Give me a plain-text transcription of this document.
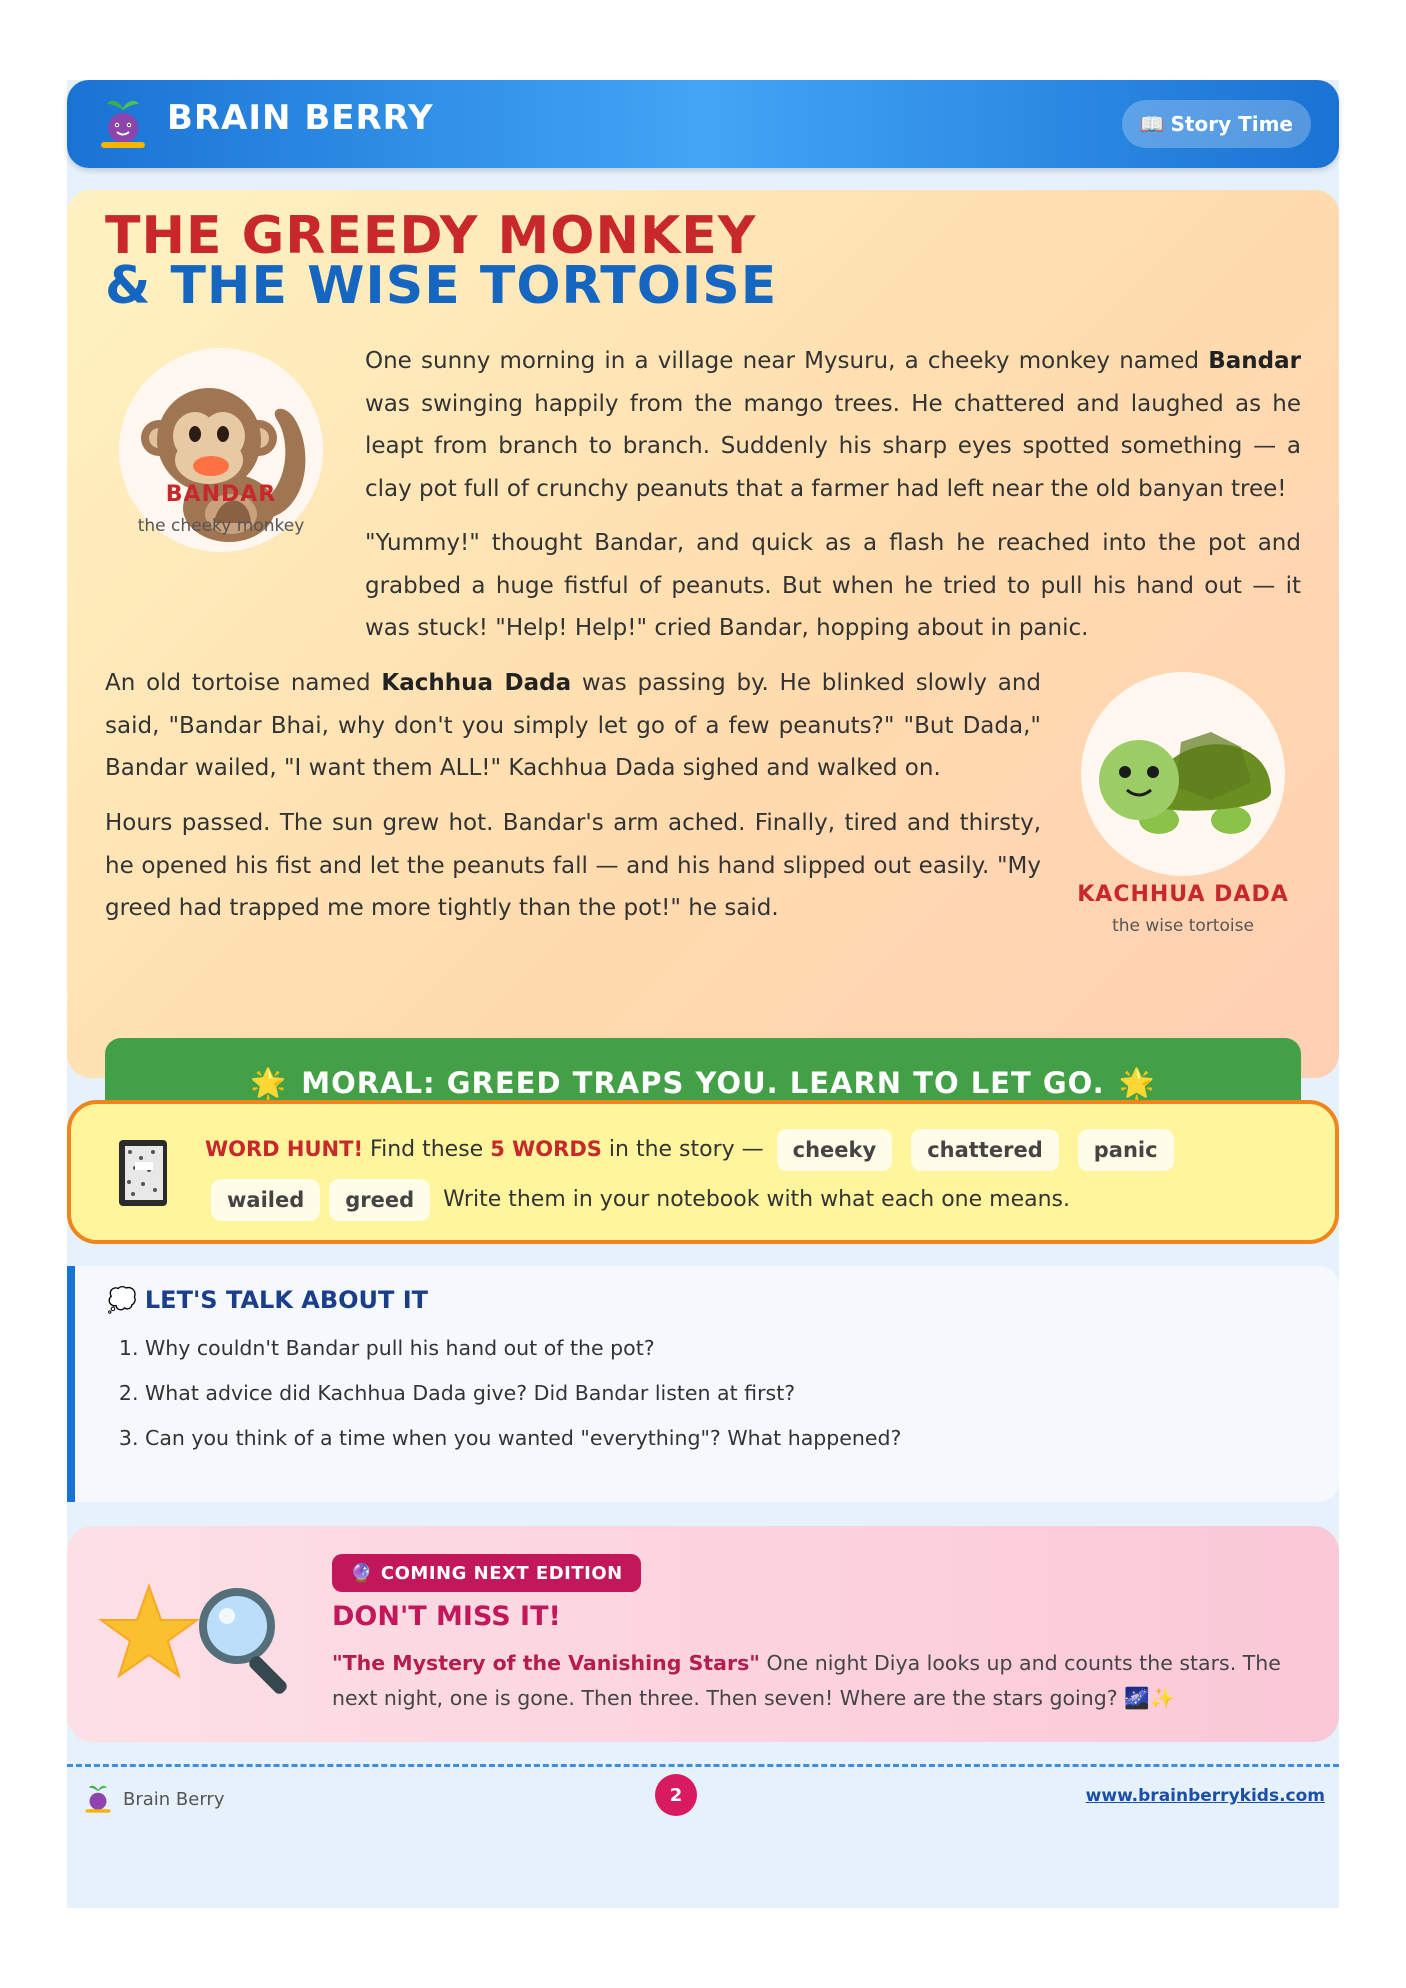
BRAIN BERRY	📖 Story Time
THE GREEDY MONKEY
& THE WISE TORTOISE
BANDAR
the cheeky monkey

One sunny morning in a village near Mysuru, a cheeky monkey named Bandar was swinging happily from the mango trees. He chattered and laughed as he leapt from branch to branch. Suddenly his sharp eyes spotted something — a clay pot full of crunchy peanuts that a farmer had left near the old banyan tree!

"Yummy!" thought Bandar, and quick as a flash he reached into the pot and grabbed a huge fistful of peanuts. But when he tried to pull his hand out — it was stuck! "Help! Help!" cried Bandar, hopping about in panic.

An old tortoise named Kachhua Dada was passing by. He blinked slowly and said, "Bandar Bhai, why don't you simply let go of a few peanuts?" "But Dada," Bandar wailed, "I want them ALL!" Kachhua Dada sighed and walked on.

Hours passed. The sun grew hot. Bandar's arm ached. Finally, tired and thirsty, he opened his fist and let the peanuts fall — and his hand slipped out easily. "My greed had trapped me more tightly than the pot!" he said.

KACHHUA DADA
the wise tortoise
🌟 MORAL: GREED TRAPS YOU. LEARN TO LET GO. 🌟
WORD HUNT! Find these 5 WORDS in the story — cheeky chattered panic wailed greed Write them in your notebook with what each one means.
💭 LET'S TALK ABOUT IT
1. Why couldn't Bandar pull his hand out of the pot?
2. What advice did Kachhua Dada give? Did Bandar listen at first?
3. Can you think of a time when you wanted "everything"? What happened?
🔮 COMING NEXT EDITION
DON'T MISS IT!

"The Mystery of the Vanishing Stars" One night Diya looks up and counts the stars. The next night, one is gone. Then three. Then seven! Where are the stars going? 🌌✨

Brain Berry	2	www.brainberrykids.com
